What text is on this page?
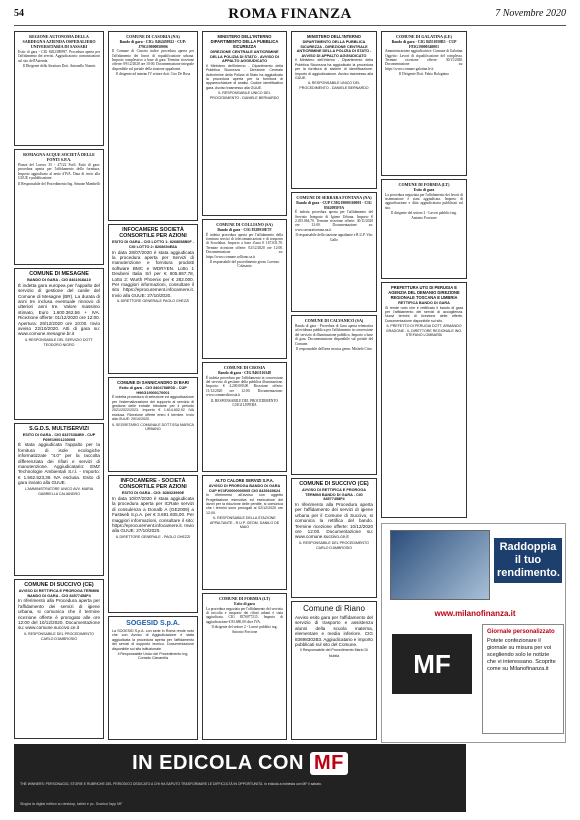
54	ROMA FINANZA	7 Novembre 2020
REGIONE AUTONOMA DELLA SARDEGNA AZIENDA OSPEDALIERO UNIVERSITARIA DI SASSARI
Esito di gara - CIG 8202389F87. Procedura aperta per l'affidamento dei servizi. Aggiudicataria: comunicazioni sul sito dell'Azienda.
Il Dirigente dello Struttura Dott. Antonello Nonnis
ROMAGNA ACQUE SOCIETÀ DELLE FONTI S.P.A.
Piazza del Lavoro 35 - 47122 Forlì. Esito di gara: procedura aperta per l'affidamento della fornitura. Importo aggiudicato al netto d'IVA. Data di invio alla GUUE e pubblicazione.
Il Responsabile del Procedimento Ing. Simone Mambelli
COMUNE DI MESAGNE
BANDO DI GARA - CIG 8461918A10
È indetta gara europea per l'appalto del servizio di gestione del canile del Comune di Mesagne (BR). La durata di anni tre inclusa eventuale rinnovo di ulteriori anni tre. Valore massimo stimato, Euro 1.600.362,56 + IVA. Ricezione offerte: 01/12/2020 ore 12:00. Apertura: 29/12/2020 ore 10:00. Invio avviso 22/10/2020. Atti di gara su: www.comune.mesagne.br.it
IL RESPONSABILE DEL SERVIZIO DOTT. TEODORO NIGRO
S.G.D.S. MULTISERVIZI
ESITO DI GARA - CIG 83376384B9 - CUP F69E19001230005
È stata aggiudicata l'appalto per la fornitura di isole ecologiche informatizzate "4.0" per la raccolta differenziata dei rifiuti e servizi di manutenzione. Aggiudicatario: EMZ Technologie Ambientali S.r.l. - Importo: € 1.562.523,36 IVA esclusa. Esito di gara inviato alla GUUE.
L'AMMINISTRATORE UNICO AVV. MARIA GABRIELLA CALIANDRO
COMUNE DI SUCCIVO (CE)
AVVISO DI RETTIFICA E PROROGA TERMINI BANDO DI GARA - CIG 84577458F4
In riferimento alla Procedura aperta per l'affidamento dei servizi di igiene urbana, si comunica che il termine ricezione offerte è prorogato alle ore 12:00 del 10/12/2020. Documentazione su: www.comune.succivo.ce.it
IL RESPONSABILE DEL PROCEDIMENTO CARLO D'AMBROSIO
COMUNE DI CASORIA (NA)
Bando di gara - CIG: 8462459922 - CUP: J79G19000050006
Il Comune di Casoria indice procedura aperta per l'affidamento dei lavori di riqualificazione urbana. Importo complessivo a base di gara. Termine ricezione offerte: 09/12/2020 ore 10:00. Documentazione integrale disponibile sul portale della stazione appaltante.
Il dirigente ad interim IV settore dott. Ciro De Rosa
INFOCAMERE SOCIETÀ CONSORTILE PER AZIONI
ESITO DI GARA - CIG LOTTO 1: 8268658B0F - CIG LOTTO 2: 8268694E8A
In data 28/07/2020 è stata aggiudicata la procedura aperta per Servizi di manutenzione e fornitura prodotti software BMC e WDRYEN. Lotto 1 Deubeni Italia Srl per € 605.867,78, Lotto 2: Wurth Phoenix per € 282.000. Per maggiori informazioni, consultare il sito https://eprocurement.infocamere.it. Invio alla GUUE: 27/10/2020.
IL DIRETTORE GENERALE PAOLO GHEZZI
COMUNE DI SANNICANDRO DI BARI
Esito di gara - CIG 8404788E0D - CUP H96G19000170001
È indetta procedura di selezione ed aggiudicazione per l'esternalizzazione del supporto al servizio di gestione delle entrate tributarie per il periodo 2021/2022/2023. Importo € 1.614.602,92 IVA esclusa. Ricezione offerte entro il termine. Invio alla GUUE: 29/10/2020.
IL SEGRETARIO COMUNALE DOTT.SSA MARICA URBANO
INFOCAMERE - SOCIETÀ CONSORTILE PER AZIONI
ESITO DI GARA - CIG: 828323990E
In data 10/07/2020 è stata aggiudicata la procedura aperta per ICRate servizi di consulenza a Donalb A (GE2009) a Fastweb S.p.A. per € 3.691.935,00. Per maggiori informazioni, consultare il sito: https://eprocurement.infocamere.it. Invio alla GUUE: 27/10/2020.
IL DIRETTORE GENERALE - PAOLO GHEZZI
SOGESID S.p.A.
La SOGESID S.p.A. con sede in Roma rende noto che con Avviso di Aggiudicazione è stata aggiudicata la procedura aperta per l'affidamento dei servizi di supporto tecnico. Documentazione disponibile sul sito istituzionale.
Il Responsabile Unico del Procedimento Ing. Corrado Ciavarella
MINISTERO DELL'INTERNO DIPARTIMENTO DELLA PUBBLICA SICUREZZA
DIREZIONE CENTRALE ANTICRIMINE DELLA POLIZIA DI STATO - AVVISO DI APPALTO AGGIUDICATO
Il Ministero dell'Interno - Dipartimento della Pubblica Sicurezza - Direzione Centrale Anticrimine della Polizia di Stato ha aggiudicato la procedura aperta per la fornitura di apparecchiature di analisi. Codice identificativo gara. Avviso trasmesso alla GUUE.
IL RESPONSABILE UNICO DEL PROCEDIMENTO - DANIELE BERNARDO
COMUNE DI COLLIANO (SA)
Bando di gara - CIG 8328910E7F
È indetta procedura aperta per l'affidamento della fornitura servizi di telecomunicazioni e di trasporto di Scuolabus. Importo a base d'asta € 167.631,70. Termine ricezione offerte: 02/12/2020 ore 12:00. Documentazione su: https://www.comune.colliano.sa.it
Il responsabile del procedimento geom. Lorenzo Colasanto
COMUNE DI CROSIA
Bando di gara - CIG 8461116348
È indetta procedura per l'affidamento in concessione del servizio di gestione della pubblica illuminazione. Importo: € 4.200.000,00. Ricezione offerte: 11/12/2020 ore 12:00. Documentazione: www.comunedicrosia.it
IL RESPONSABILE DEL PROCEDIMENTO LUIGI LEPERA
ALTO CALORE SERVIZI S.P.A.
AVVISO DI PROROGA BANDO DI GARA CUP H74F20000000005 CIG 8439169624
In riferimento all'avviso con oggetto Progettazione esecutiva ed esecuzione dei lavori per la riduzione delle perdite, si comunica che i termini sono prorogati al 02/12/2020 ore 12:00.
IL RESPONSABILE DELLA STAZIONE APPALTANTE - R.U.P. GEOM. DANILO DE MAIO
COMUNE DI FORMIA (LT)
Esito di gara
La procedura negoziata per l'affidamento del servizio di raccolta e trasporto dei rifiuti urbani è stata aggiudicata. CIG 8376077215. Importo di aggiudicazione € 83.680,00 oltre IVA.
Il dirigente del settore 2 - Lavori pubblici ing. Antonio Forcione
MINISTERO DELL'INTERNO
DIPARTIMENTO DELLA PUBBLICA SICUREZZA - DIREZIONE CENTRALE ANTICRIMINE DELLA POLIZIA DI STATO - AVVISO DI APPALTO AGGIUDICATO
Il Ministero dell'Interno - Dipartimento della Pubblica Sicurezza ha aggiudicato la procedura per la fornitura di sistemi di identificazione. Importo di aggiudicazione. Avviso trasmesso alla GUUE.
IL RESPONSABILE UNICO DEL PROCEDIMENTO - DANIELE BERNARDO
COMUNE DI SERRARA FONTANA (NA)
Bando di gara - CUP C58G19000160001 - CIG 8362095F9A
È indetta procedura aperta per l'affidamento del Servizio Integrato di Igiene Urbana. Importo € 2.453.064,70. Termine ricezione offerte: 30/11/2020 ore 12:00. Documentazione su: www.serrarafontana.na.it
Il responsabile della stazione appaltante e R.U.P. Vito Gallo
COMUNE DI CALVANICO (SA)
Bando di gara - Procedura di Gara aperta telematica ad evidenza pubblica per l'affidamento in concessione del servizio di illuminazione pubblica. Importo a base di gara. Documentazione disponibile sul portale del Comune.
Il responsabile dell'area tecnica geom. Michele Citro
COMUNE DI SUCCIVO (CE)
AVVISO DI RETTIFICA E PROROGA TERMINI BANDO DI GARA - CIG 84577458F4
In riferimento alla Procedura aperta per l'affidamento dei servizi di igiene urbana per il Comune di Succivo, si comunica la rettifica del bando. Termine ricezione offerte: 10/12/2020 ore 12:00. Documentazione su: www.comune.succivo.ce.it
IL RESPONSABILE DEL PROCEDIMENTO CARLO D'AMBROSIO
Comune di Riano
Avviso esito gara per l'affidamento del servizio di trasporto e assistenza alunni della scuola materna, elementare e media inferiore. CIG 83698302B3. Aggiudicatario e importo pubblicati sul sito del Comune.
Il Responsabile del Procedimento Mario Di Nubila
COMUNE DI GALATINA (LE)
Bando di gara - CIG 84551050B5 - CUP F83G19000340001
Amministrazione aggiudicatrice: Comune di Galatina. Oggetto: Lavori di riqualificazione del complesso. Termine ricezione offerte: 30/11/2020. Documentazione su: https://www.comune.galatina.le.it
Il Dirigente Dott. Fabio Bolognino
COMUNE DI FORMIA (LT)
Esito di gara
La procedura negoziata per l'affidamento dei lavori di sistemazione è stata aggiudicata. Importo di aggiudicazione e ditta aggiudicataria pubblicati sul sito.
Il dirigente del settore 2 - Lavori pubblici ing. Antonio Forcione
PREFETTURA UTG DI PERUGIA E AGENZIA DEL DEMANIO DIREZIONE REGIONALE TOSCANA E UMBRIA
RETTIFICA BANDO DI GARA
Si rende noto che è rettificato il bando di gara per l'affidamento dei servizi di accoglienza. Nuovi termini di ricezione delle offerte. Documentazione disponibile sul sito.
IL PREFETTO DI PERUGIA DOTT. ARMANDO GRADONE - IL DIRETTORE REGIONALE ING. STEFANO LOMBARDI
Raddoppia il tuo rendimento.
www.milanofinanza.it
Giornale personalizzato
Potete confezionare il giornale su misura per voi scegliendo solo le notizie che vi interessano. Scoprite come su Milanofinanza.it
MF
IN EDICOLA CON MF
THE WINNERS: PERSONAGGI, STORIE E RUBRICHE DEL PERIODICO DEDICATO A CHI HA SAPUTO TRASFORMARE LE DIFFICOLTÀ IN OPPORTUNITÀ. In edicola a richiesta con MF il sabato.
Sfoglia la digital edition su desktop, tablet e pc. Scarica l'app MF
